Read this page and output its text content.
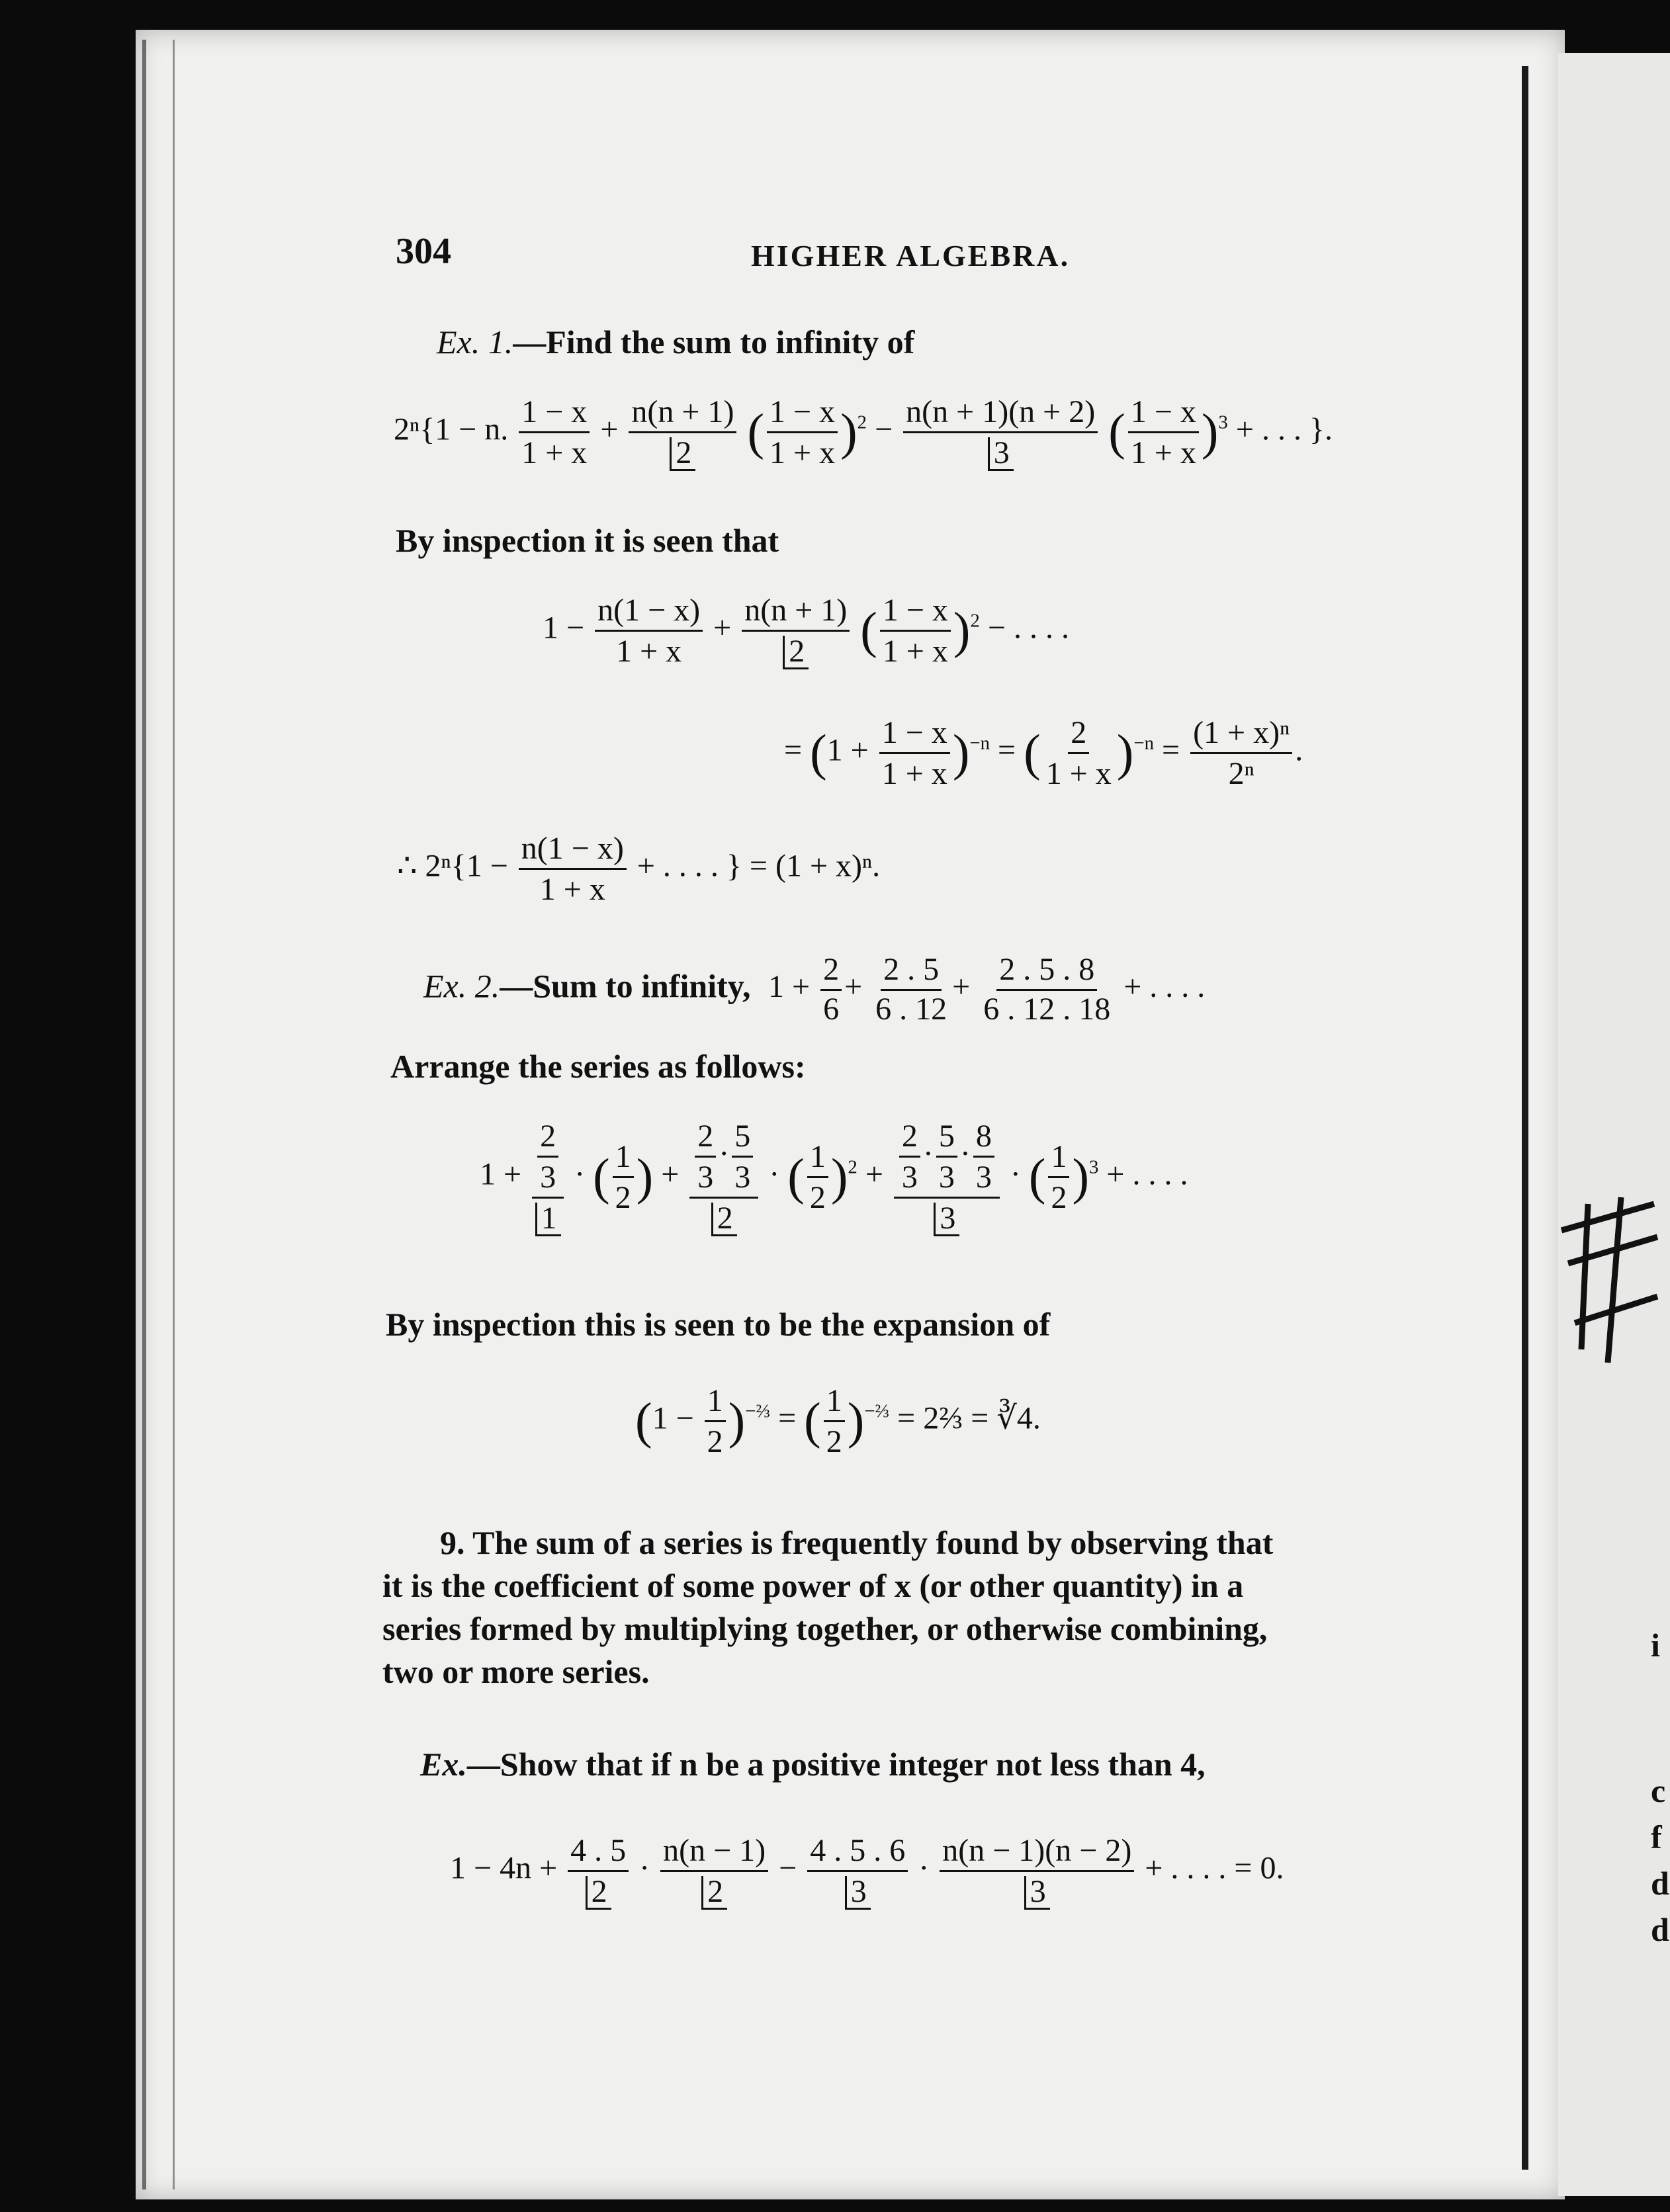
304	HIGHER ALGEBRA.
Ex. 1.—Find the sum to infinity of
2ⁿ{1 − n. $\frac{1 - x}{1 + x} + \frac{n(n + 1)}{2}$ ( $\frac{1 - x}{1 + x} )^2 - \frac{n(n + 1)(n + 2)}{3}$ ( $\frac{1 - x}{1 + x} )^3$ + . . . }.
By inspection it is seen that
$1 - \frac{n(1 - x)}{1 + x} + \frac{n(n + 1)}{2}$ ( $\frac{1 - x}{1 + x} )^2$ − . . . .
= $(1 + \frac{1 - x}{1 + x} )^{-n}$ = ( $\frac{2}{1 + x} )^{-n} = \frac{\text{(1 + x)ⁿ}}{\text{2ⁿ}}$ .
∴ $2^n\{1 - \frac{n(1 - x)}{1 + x}$ + . . . . } = (1 + x)ⁿ.
Ex. 2.—Sum to infinity, $1 + \frac{2}{6} + \frac{2 . 5}{6 . 12} + \frac{2 . 5 . 8}{6 . 12 . 18}$ + . . . .
Arrange the series as follows:
$1 + \frac{\frac{2}{3}}{1}$ · ( $\frac{1}{2}$ ) + $\frac{\frac{2}{3} \cdot \frac{5}{3}}{2}$ · ( $\frac{1}{2} )^2 + \frac{\frac{2}{3} \cdot \frac{5}{3} \cdot \frac{8}{3}}{3}$ · ( $\frac{1}{2} )^3$ + . . . .
By inspection this is seen to be the expansion of
$(1 - \frac{1}{2} )^{-\frac{2}{3}}$ = ( $\frac{1}{2} )^{-\frac{2}{3}}$ = 2⅔ = ∛4.
9. The sum of a series is frequently found by observing that
it is the coefficient of some power of x (or other quantity) in a
series formed by multiplying together, or otherwise combining,
two or more series.
Ex.—Show that if n be a positive integer not less than 4,
$1 - 4n + \frac{4 . 5}{2} \cdot \frac{n(n - 1)}{2} - \frac{4 . 5 . 6}{3} \cdot \frac{n(n - 1)(n - 2)}{3}$ + . . . . = 0.
i
c
f
d
d
